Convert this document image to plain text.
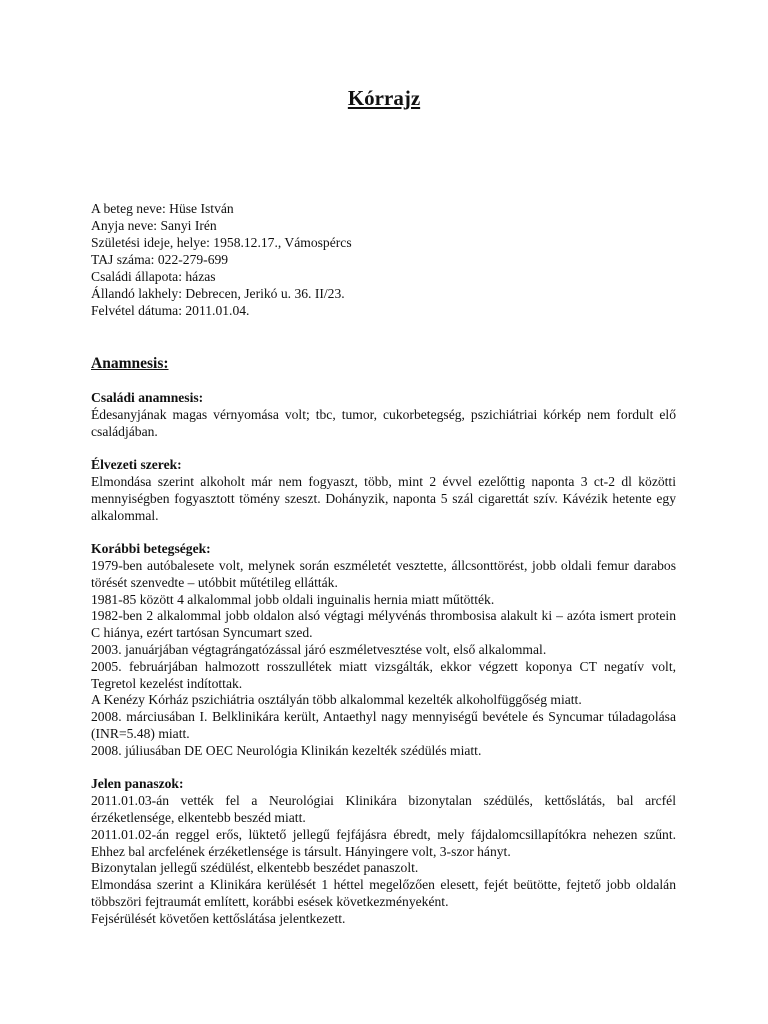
Kórrajz
A beteg neve: Hüse István
Anyja neve: Sanyi Irén
Születési ideje, helye: 1958.12.17., Vámospércs
TAJ száma: 022-279-699
Családi állapota: házas
Állandó lakhely: Debrecen, Jerikó u. 36. II/23.
Felvétel dátuma: 2011.01.04.
Anamnesis:
Családi anamnesis:

Édesanyjának magas vérnyomása volt; tbc, tumor, cukorbetegség, pszichiátriai kórkép nem fordult elő családjában.

Élvezeti szerek:

Elmondása szerint alkoholt már nem fogyaszt, több, mint 2 évvel ezelőttig naponta 3 ct-2 dl közötti mennyiségben fogyasztott tömény szeszt. Dohányzik, naponta 5 szál cigarettát szív. Kávézik hetente egy alkalommal.

Korábbi betegségek:

1979-ben autóbalesete volt, melynek során eszméletét vesztette, állcsonttörést, jobb oldali femur darabos törését szenvedte – utóbbit műtétileg ellátták.

1981-85 között 4 alkalommal jobb oldali inguinalis hernia miatt műtötték.

1982-ben 2 alkalommal jobb oldalon alsó végtagi mélyvénás thrombosisa alakult ki – azóta ismert protein C hiánya, ezért tartósan Syncumart szed.

2003. januárjában végtagrángatózással járó eszméletvesztése volt, első alkalommal.

2005. februárjában halmozott rosszullétek miatt vizsgálták, ekkor végzett koponya CT negatív volt, Tegretol kezelést indítottak.

A Kenézy Kórház pszichiátria osztályán több alkalommal kezelték alkoholfüggőség miatt.

2008. márciusában I. Belklinikára került, Antaethyl nagy mennyiségű bevétele és Syncumar túladagolása (INR=5.48) miatt.

2008. júliusában DE OEC Neurológia Klinikán kezelték szédülés miatt.

Jelen panaszok:

2011.01.03-án vették fel a Neurológiai Klinikára bizonytalan szédülés, kettőslátás, bal arcfél érzéketlensége, elkentebb beszéd miatt.

2011.01.02-án reggel erős, lüktető jellegű fejfájásra ébredt, mely fájdalomcsillapítókra nehezen szűnt. Ehhez bal arcfelének érzéketlensége is társult. Hányingere volt, 3-szor hányt.

Bizonytalan jellegű szédülést, elkentebb beszédet panaszolt.

Elmondása szerint a Klinikára kerülését 1 héttel megelőzően elesett, fejét beütötte, fejtető jobb oldalán többszöri fejtraumát említett, korábbi esések következményeként.

Fejsérülését követően kettőslátása jelentkezett.
